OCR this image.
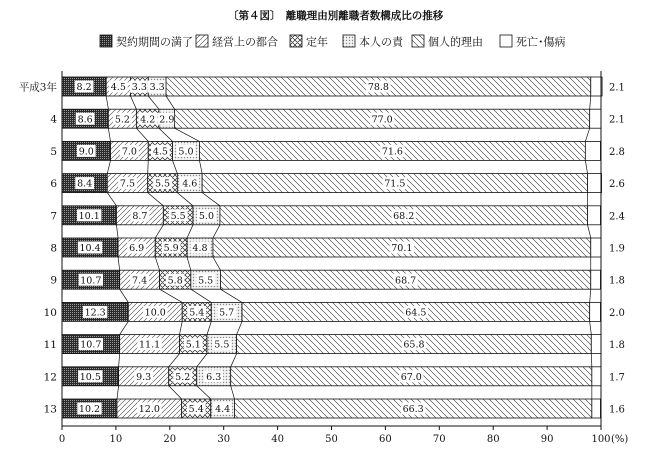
〔第４図〕　離職理由別離職者数構成比の推移
契約期間の満了 経営上の都合	定年	本人の責 個人的理由	死亡･傷病
平成3年 8.2 4.5 3.3 3.3	78.8	2.1
4 8.6 5.2 4.2 2.9	77.0	2.1
5 9.0	7.0 4.5 5.0	71.6	2.8
6 8.4	7.5 5.5 4.6	71.5	2.6
7 10.1	8.7 5.5 5.0	68.2	2.4
8 10.4	6.9 5.9 4.8	70.1	1.9
9 10.7	7.4 5.8 5.5	68.7	1.8
10	12.3	10.0 5.4 5.7	64.5	2.0
11 10.7	11.1	5.1 5.5	65.8	1.8
12 10.5	9.3	5.2 6.3	67.0	1.7
13 10.2	12.0	5.4 4.4	66.3	1.6
0	10	20	30	40	50	60	70	80	90	100 (%)
